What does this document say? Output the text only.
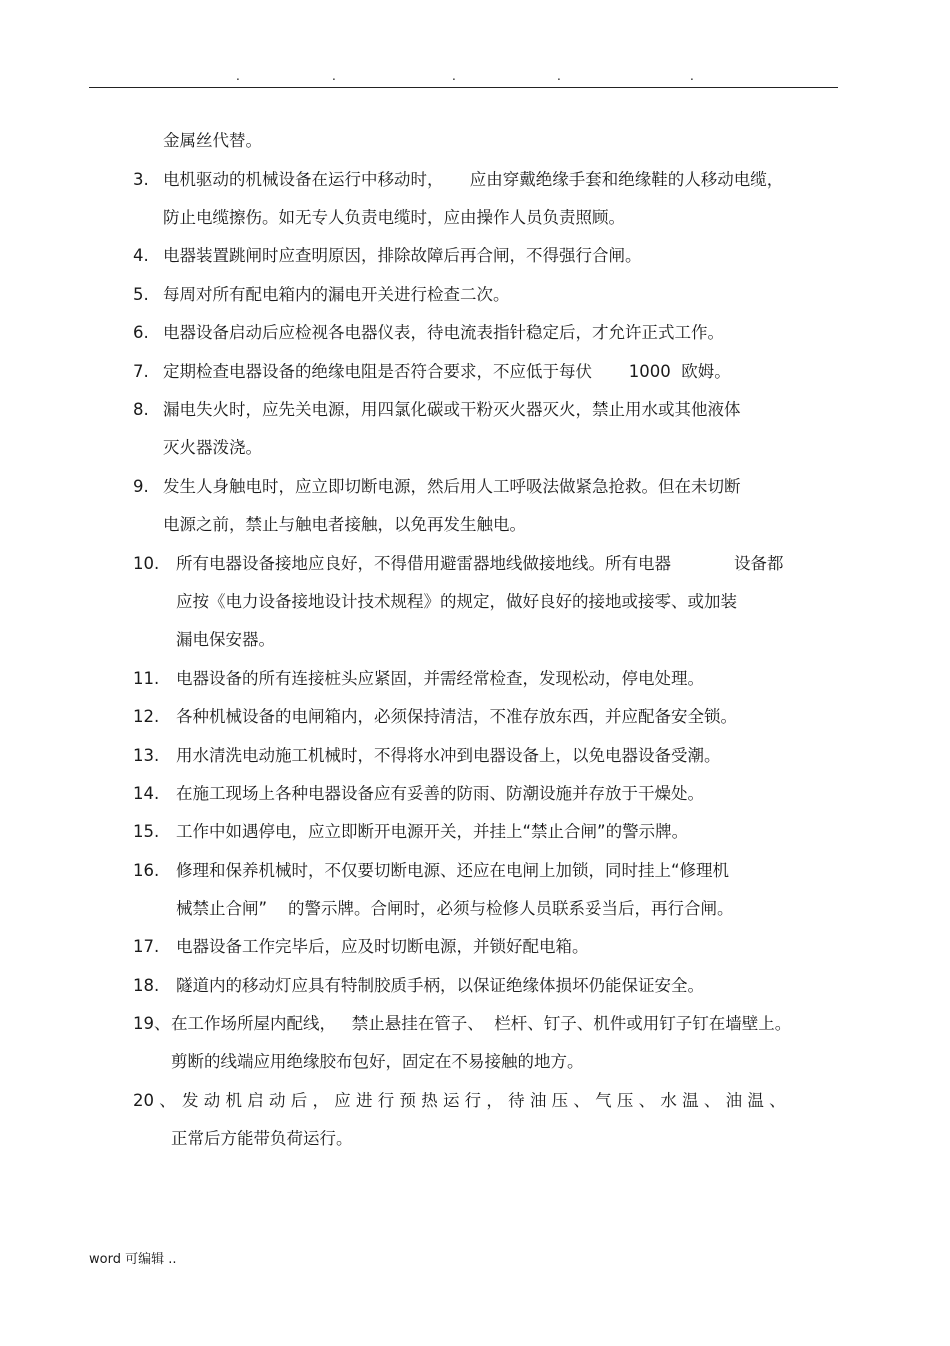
.	.	.	.	.
金属丝代替。
3. 电机驱动的机械设备在运行中移动时，     应由穿戴绝缘手套和绝缘鞋的人移动电缆，
防止电缆擦伤。如无专人负责电缆时，应由操作人员负责照顾。
4. 电器装置跳闸时应查明原因，排除故障后再合闸，不得强行合闸。
5. 每周对所有配电箱内的漏电开关进行检查二次。
6. 电器设备启动后应检视各电器仪表，待电流表指针稳定后，才允许正式工作。
7. 定期检查电器设备的绝缘电阻是否符合要求，不应低于每伏       1000  欧姆。
8. 漏电失火时，应先关电源，用四氯化碳或干粉灭火器灭火，禁止用水或其他液体
灭火器泼浇。
9. 发生人身触电时，应立即切断电源，然后用人工呼吸法做紧急抢救。但在未切断
电源之前，禁止与触电者接触，以免再发生触电。
10. 所有电器设备接地应良好，不得借用避雷器地线做接地线。所有电器            设备都
应按《电力设备接地设计技术规程》的规定，做好良好的接地或接零、或加装
漏电保安器。
11. 电器设备的所有连接桩头应紧固，并需经常检查，发现松动，停电处理。
12. 各种机械设备的电闸箱内，必须保持清洁，不准存放东西，并应配备安全锁。
13. 用水清洗电动施工机械时，不得将水冲到电器设备上，以免电器设备受潮。
14. 在施工现场上各种电器设备应有妥善的防雨、防潮设施并存放于干燥处。
15. 工作中如遇停电，应立即断开电源开关，并挂上“禁止合闸”的警示牌。
16. 修理和保养机械时，不仅要切断电源、还应在电闸上加锁，同时挂上“修理机
械禁止合闸”    的警示牌。合闸时，必须与检修人员联系妥当后，再行合闸。
17. 电器设备工作完毕后，应及时切断电源，并锁好配电箱。
18. 隧道内的移动灯应具有特制胶质手柄，以保证绝缘体损坏仍能保证安全。
19、 在工作场所屋内配线，   禁止悬挂在管子、  栏杆、钉子、机件或用钉子钉在墙壁上。
剪断的线端应用绝缘胶布包好，固定在不易接触的地方。
20 、 发 动 机 启 动 后 ， 应 进 行 预 热 运 行 ， 待 油 压 、 气 压 、 水 温 、 油 温 、
正常后方能带负荷运行。
word 可编辑 ..
